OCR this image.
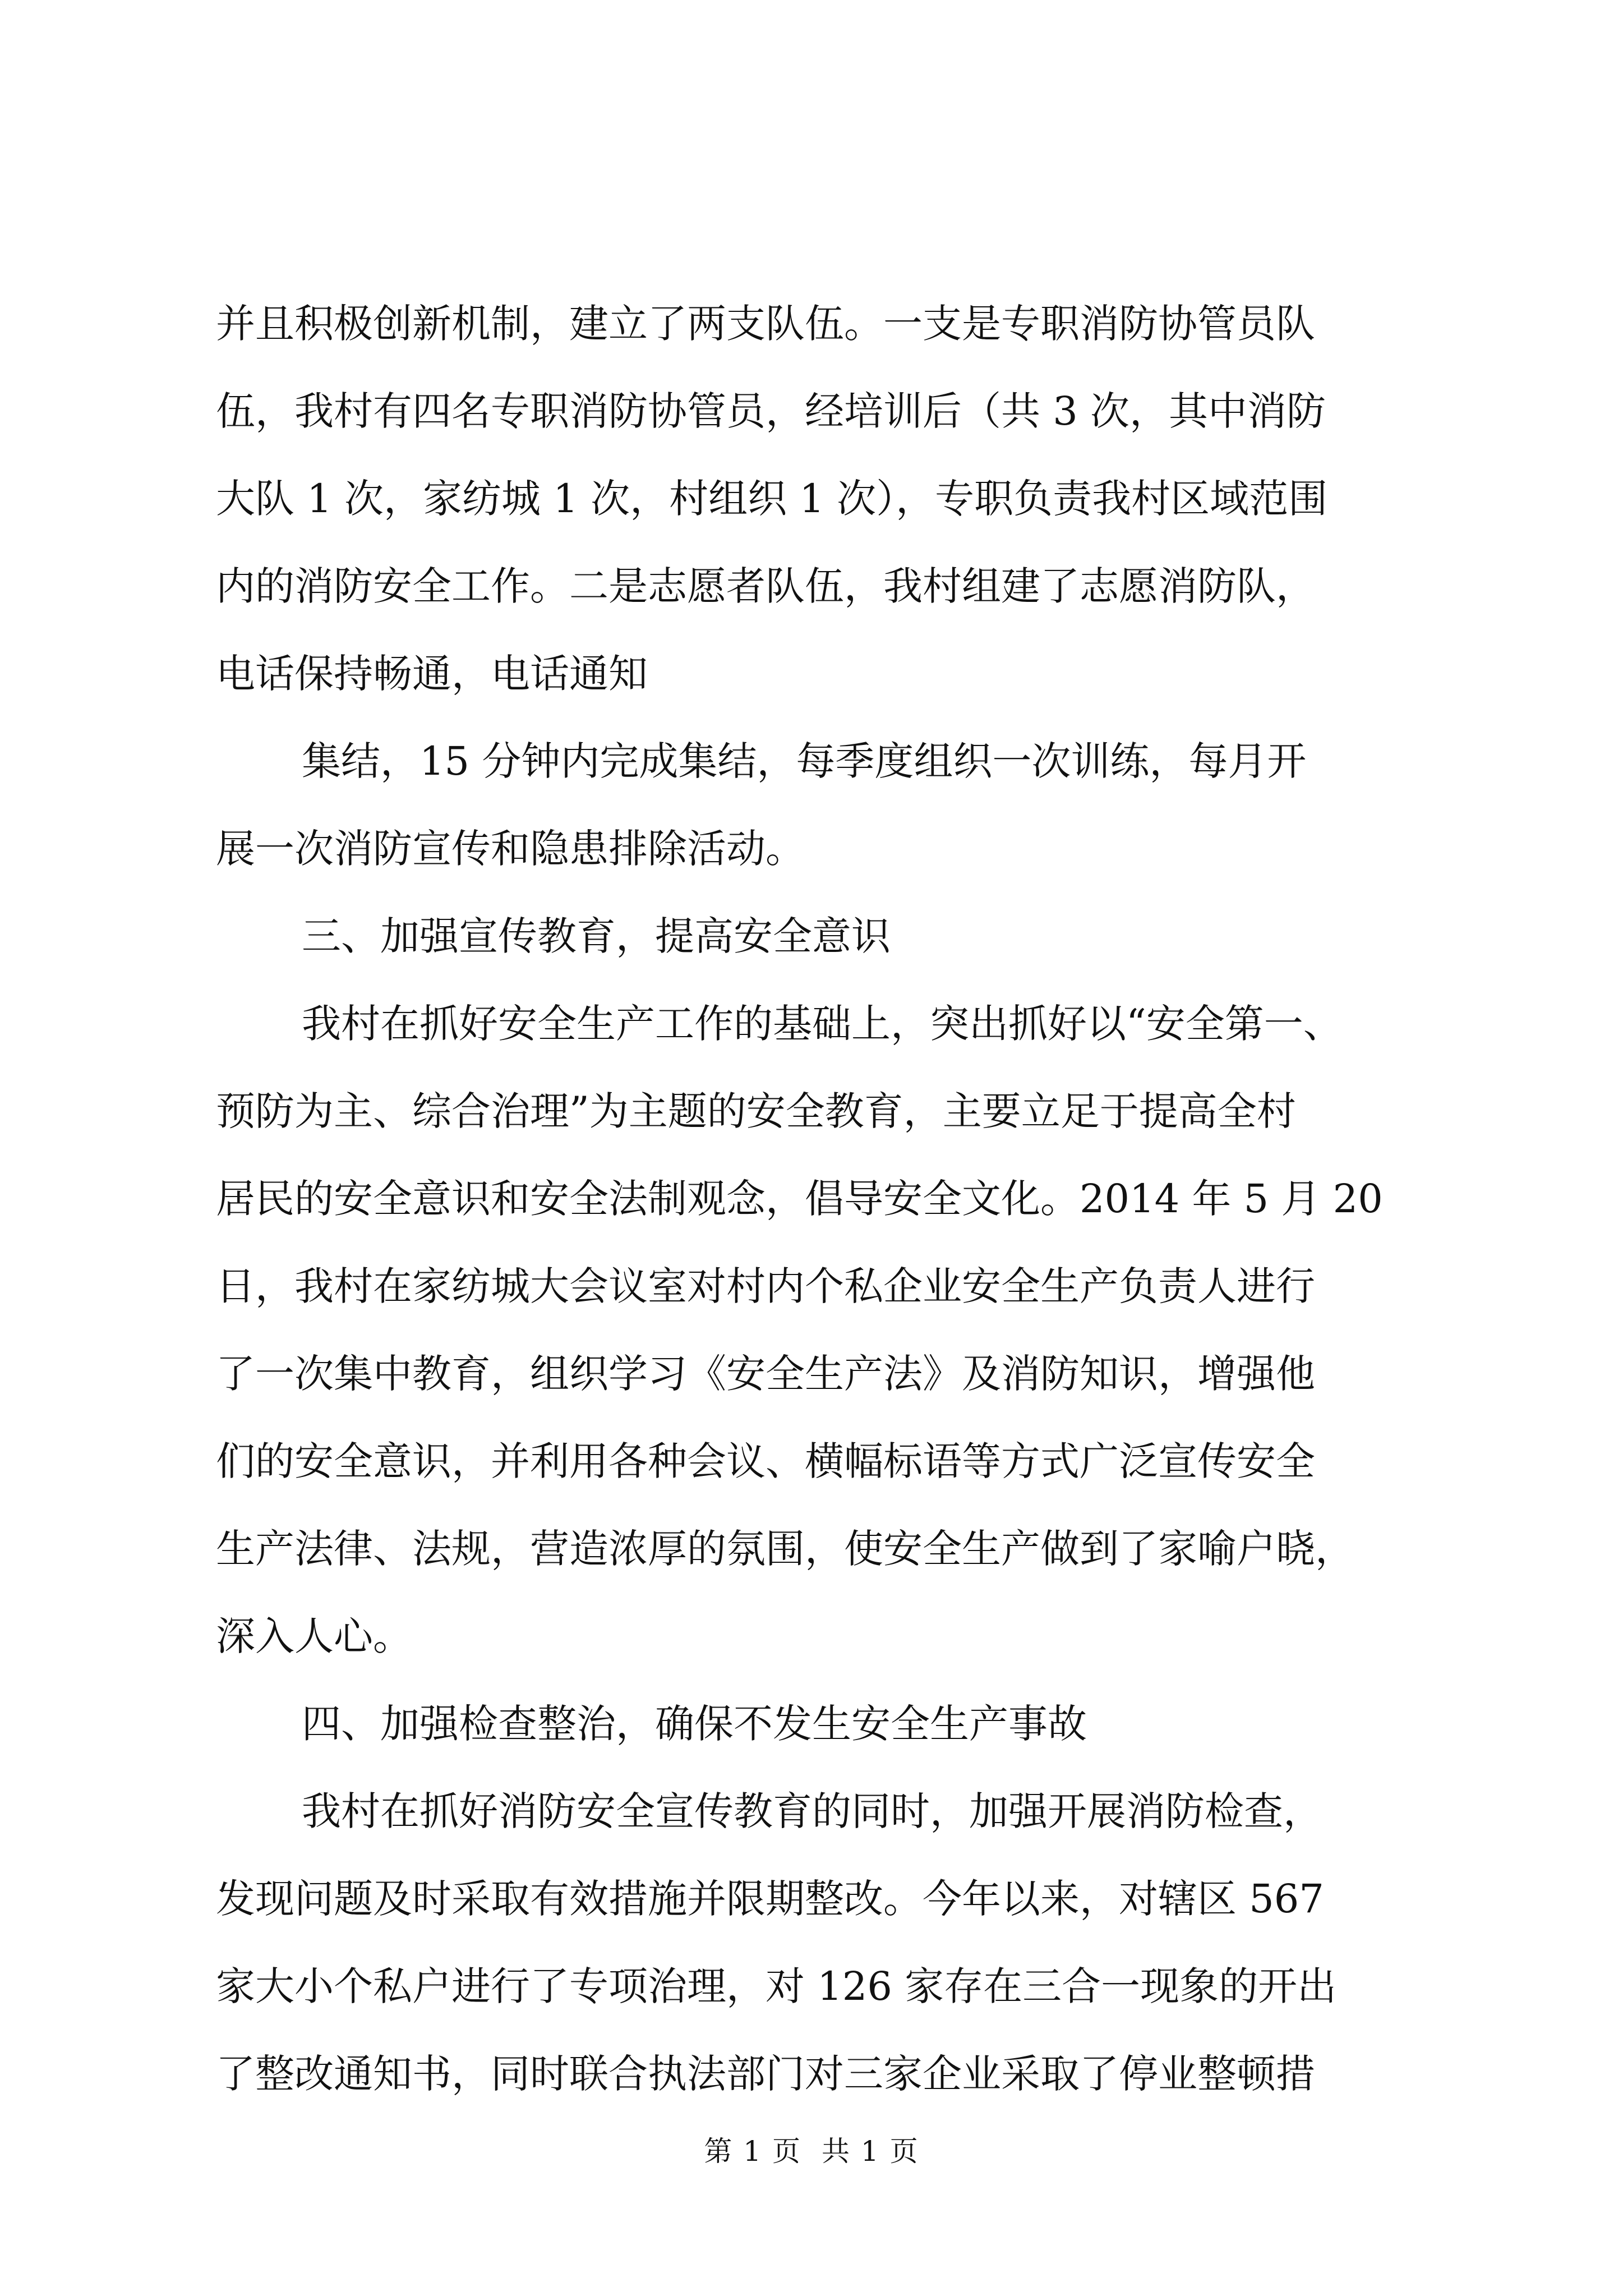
并且积极创新机制，建立了两支队伍。一支是专职消防协管员队
伍，我村有四名专职消防协管员，经培训后（共 3 次，其中消防
大队 1 次，家纺城 1 次，村组织 1 次），专职负责我村区域范围
内的消防安全工作。二是志愿者队伍，我村组建了志愿消防队，
电话保持畅通，电话通知
集结，15 分钟内完成集结，每季度组织一次训练，每月开
展一次消防宣传和隐患排除活动。
三、加强宣传教育，提高安全意识
我村在抓好安全生产工作的基础上，突出抓好以“安全第一、
预防为主、综合治理”为主题的安全教育，主要立足于提高全村
居民的安全意识和安全法制观念，倡导安全文化。2014 年 5 月 20
日，我村在家纺城大会议室对村内个私企业安全生产负责人进行
了一次集中教育，组织学习《安全生产法》及消防知识，增强他
们的安全意识，并利用各种会议、横幅标语等方式广泛宣传安全
生产法律、法规，营造浓厚的氛围，使安全生产做到了家喻户晓，
深入人心。
四、加强检查整治，确保不发生安全生产事故
我村在抓好消防安全宣传教育的同时，加强开展消防检查，
发现问题及时采取有效措施并限期整改。今年以来，对辖区 567
家大小个私户进行了专项治理，对 126 家存在三合一现象的开出
了整改通知书，同时联合执法部门对三家企业采取了停业整顿措
第 1 页 共 1 页
